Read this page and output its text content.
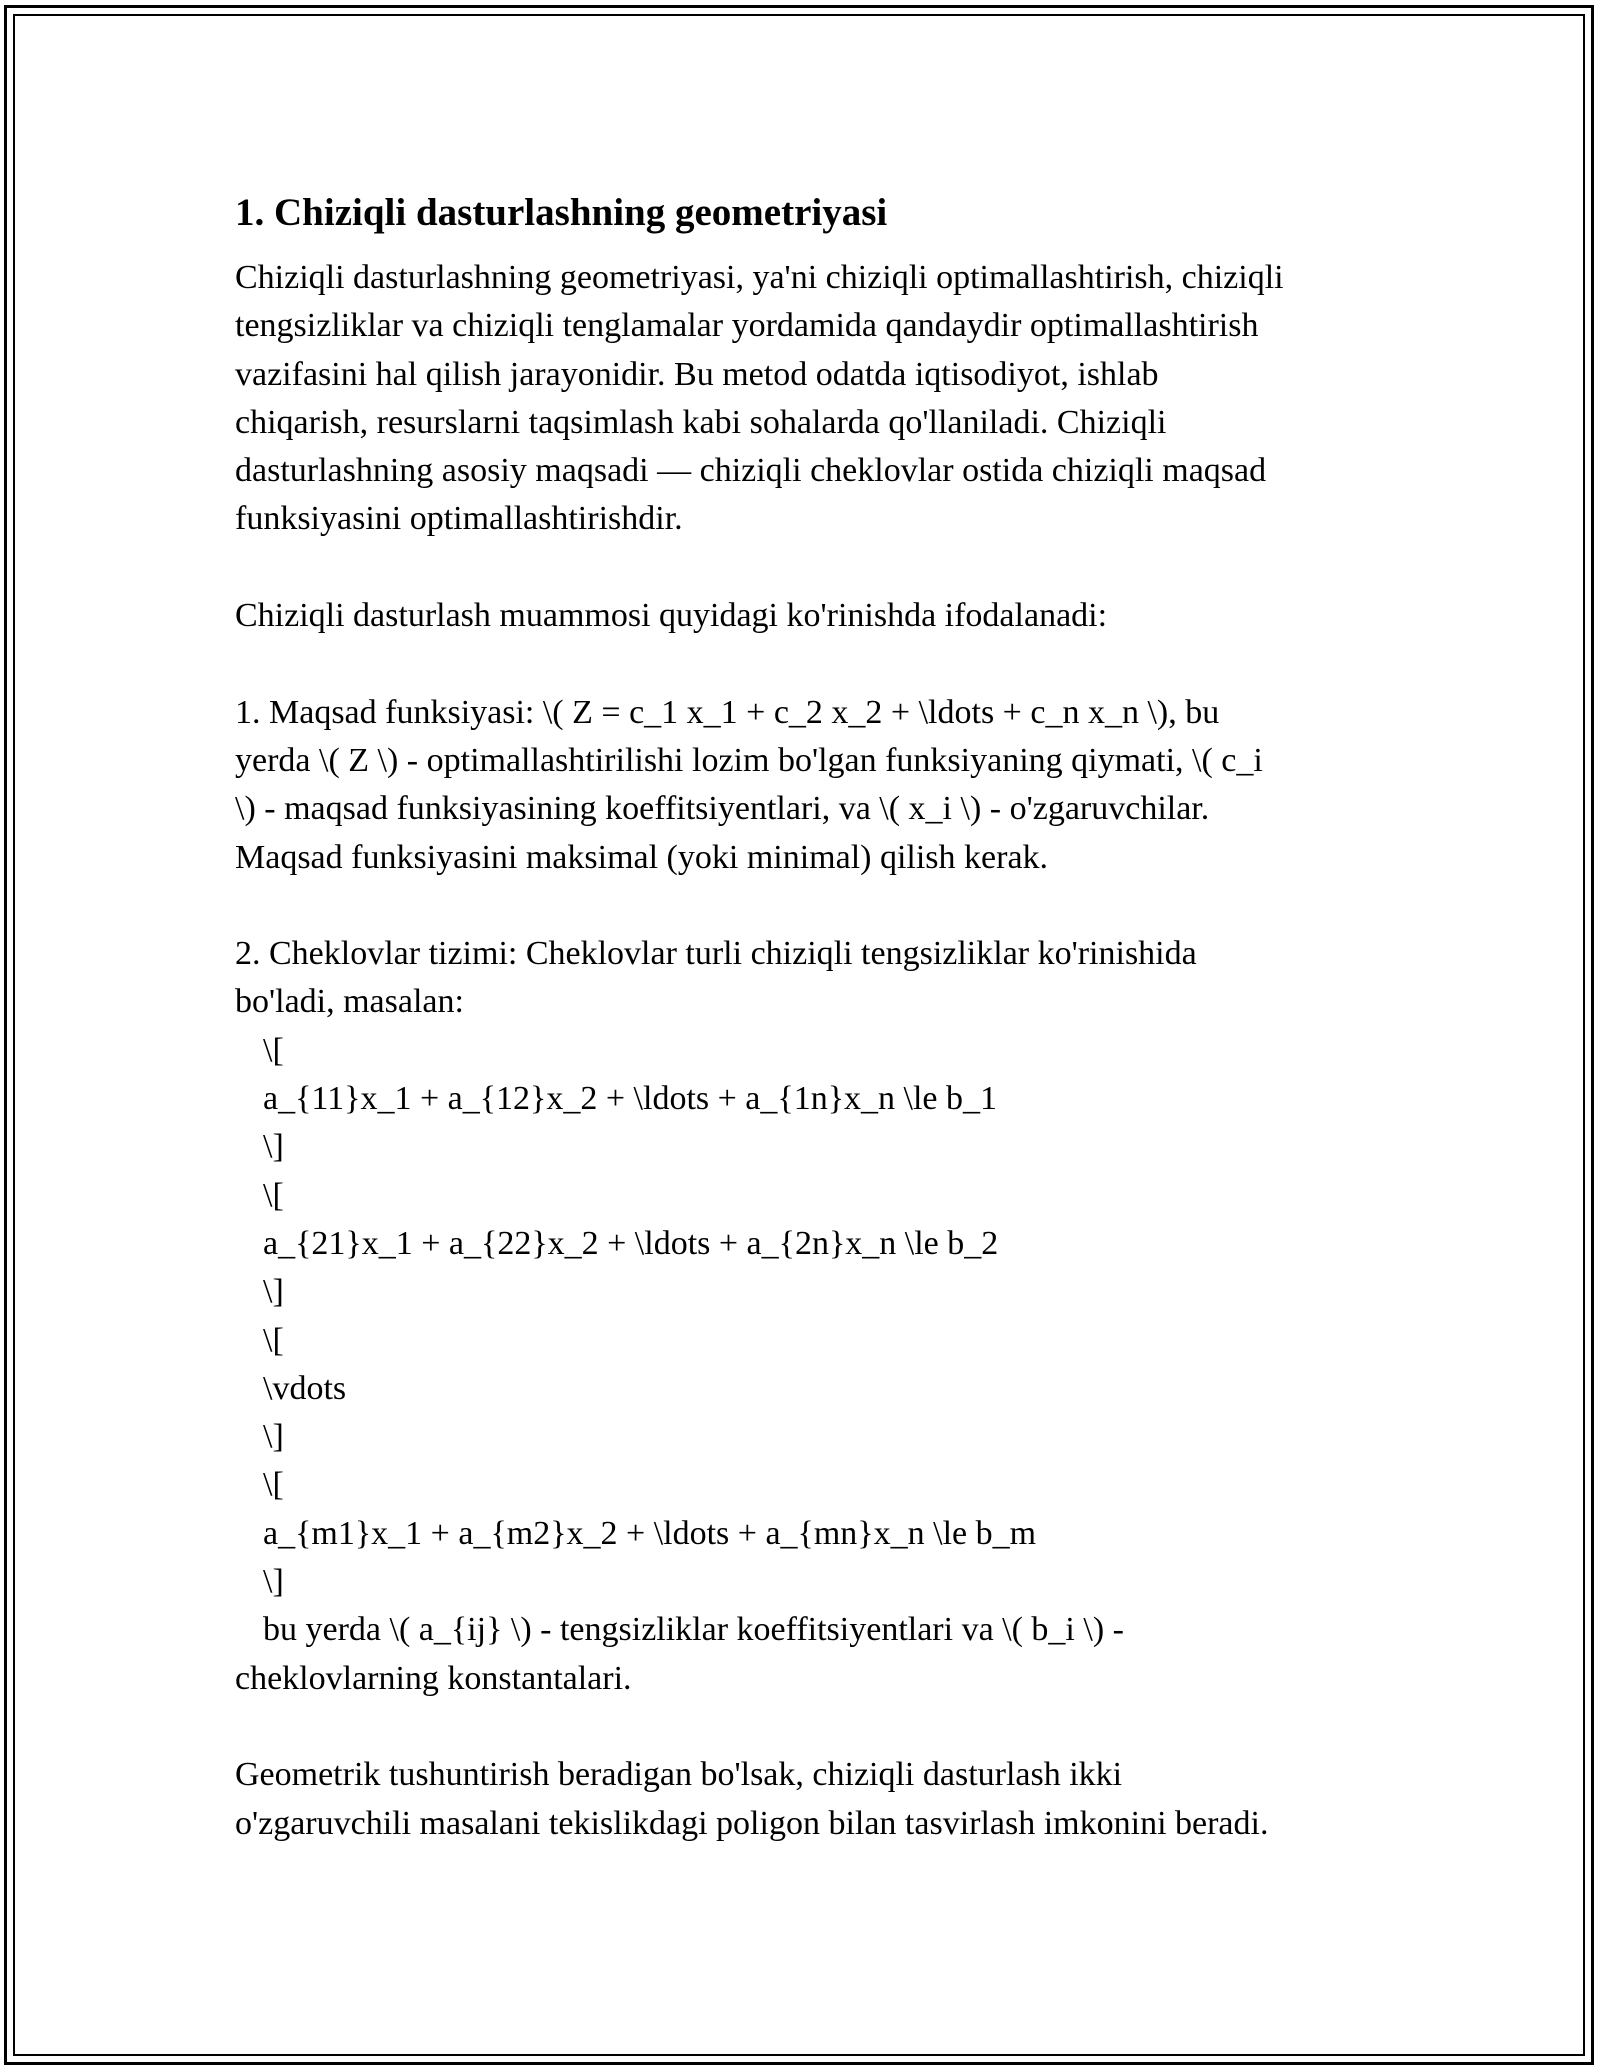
1. Chiziqli dasturlashning geometriyasi

Chiziqli dasturlashning geometriyasi, ya'ni chiziqli optimallashtirish, chiziqli
tengsizliklar va chiziqli tenglamalar yordamida qandaydir optimallashtirish
vazifasini hal qilish jarayonidir. Bu metod odatda iqtisodiyot, ishlab
chiqarish, resurslarni taqsimlash kabi sohalarda qo'llaniladi. Chiziqli
dasturlashning asosiy maqsadi — chiziqli cheklovlar ostida chiziqli maqsad
funksiyasini optimallashtirishdir.

Chiziqli dasturlash muammosi quyidagi ko'rinishda ifodalanadi:

1. Maqsad funksiyasi: \( Z = c_1 x_1 + c_2 x_2 + \ldots + c_n x_n \), bu
yerda \( Z \) - optimallashtirilishi lozim bo'lgan funksiyaning qiymati, \( c_i
\) - maqsad funksiyasining koeffitsiyentlari, va \( x_i \) - o'zgaruvchilar.
Maqsad funksiyasini maksimal (yoki minimal) qilish kerak.

2. Cheklovlar tizimi: Cheklovlar turli chiziqli tengsizliklar ko'rinishida
bo'ladi, masalan:
\[
a_{11}x_1 + a_{12}x_2 + \ldots + a_{1n}x_n \le b_1
\]
\[
a_{21}x_1 + a_{22}x_2 + \ldots + a_{2n}x_n \le b_2
\]
\[
\vdots
\]
\[
a_{m1}x_1 + a_{m2}x_2 + \ldots + a_{mn}x_n \le b_m
\]
bu yerda \( a_{ij} \) - tengsizliklar koeffitsiyentlari va \( b_i \) -
cheklovlarning konstantalari.

Geometrik tushuntirish beradigan bo'lsak, chiziqli dasturlash ikki
o'zgaruvchili masalani tekislikdagi poligon bilan tasvirlash imkonini beradi.
